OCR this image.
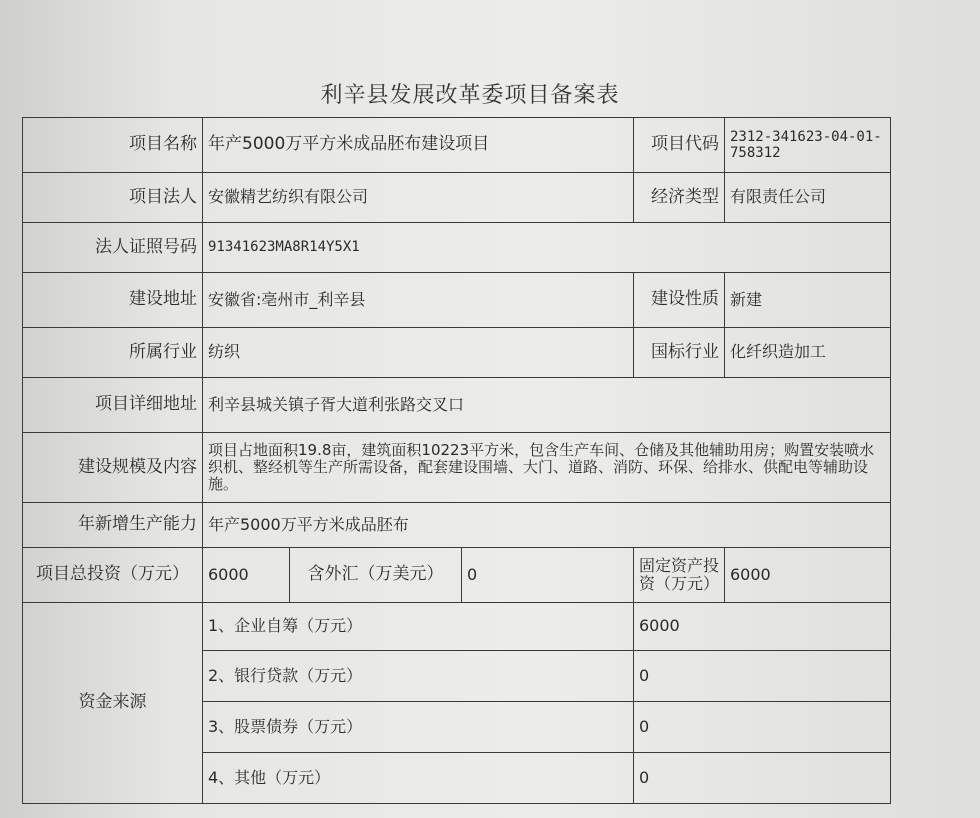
利辛县发展改革委项目备案表
项目名称	年产5000万平方米成品胚布建设项目			项目代码	2312-341623-04-01-758312
项目法人	安徽精艺纺织有限公司			经济类型	有限责任公司
法人证照号码	91341623MA8R14Y5X1				
建设地址	安徽省:亳州市_利辛县			建设性质	新建
所属行业	纺织			国标行业	化纤织造加工
项目详细地址	利辛县城关镇子胥大道利张路交叉口				
建设规模及内容	项目占地面积19.8亩，建筑面积10223平方米，包含生产车间、仓储及其他辅助用房；购置安装喷水织机、整经机等生产所需设备，配套建设围墙、大门、道路、消防、环保、给排水、供配电等辅助设施。				
年新增生产能力	年产5000万平方米成品胚布				
项目总投资（万元）	6000	含外汇（万美元）	0	固定资产投资（万元）	6000
资金来源	1、企业自筹（万元）			6000	
	2、银行贷款（万元）			0	
	3、股票债券（万元）			0	
	4、其他（万元）			0	
